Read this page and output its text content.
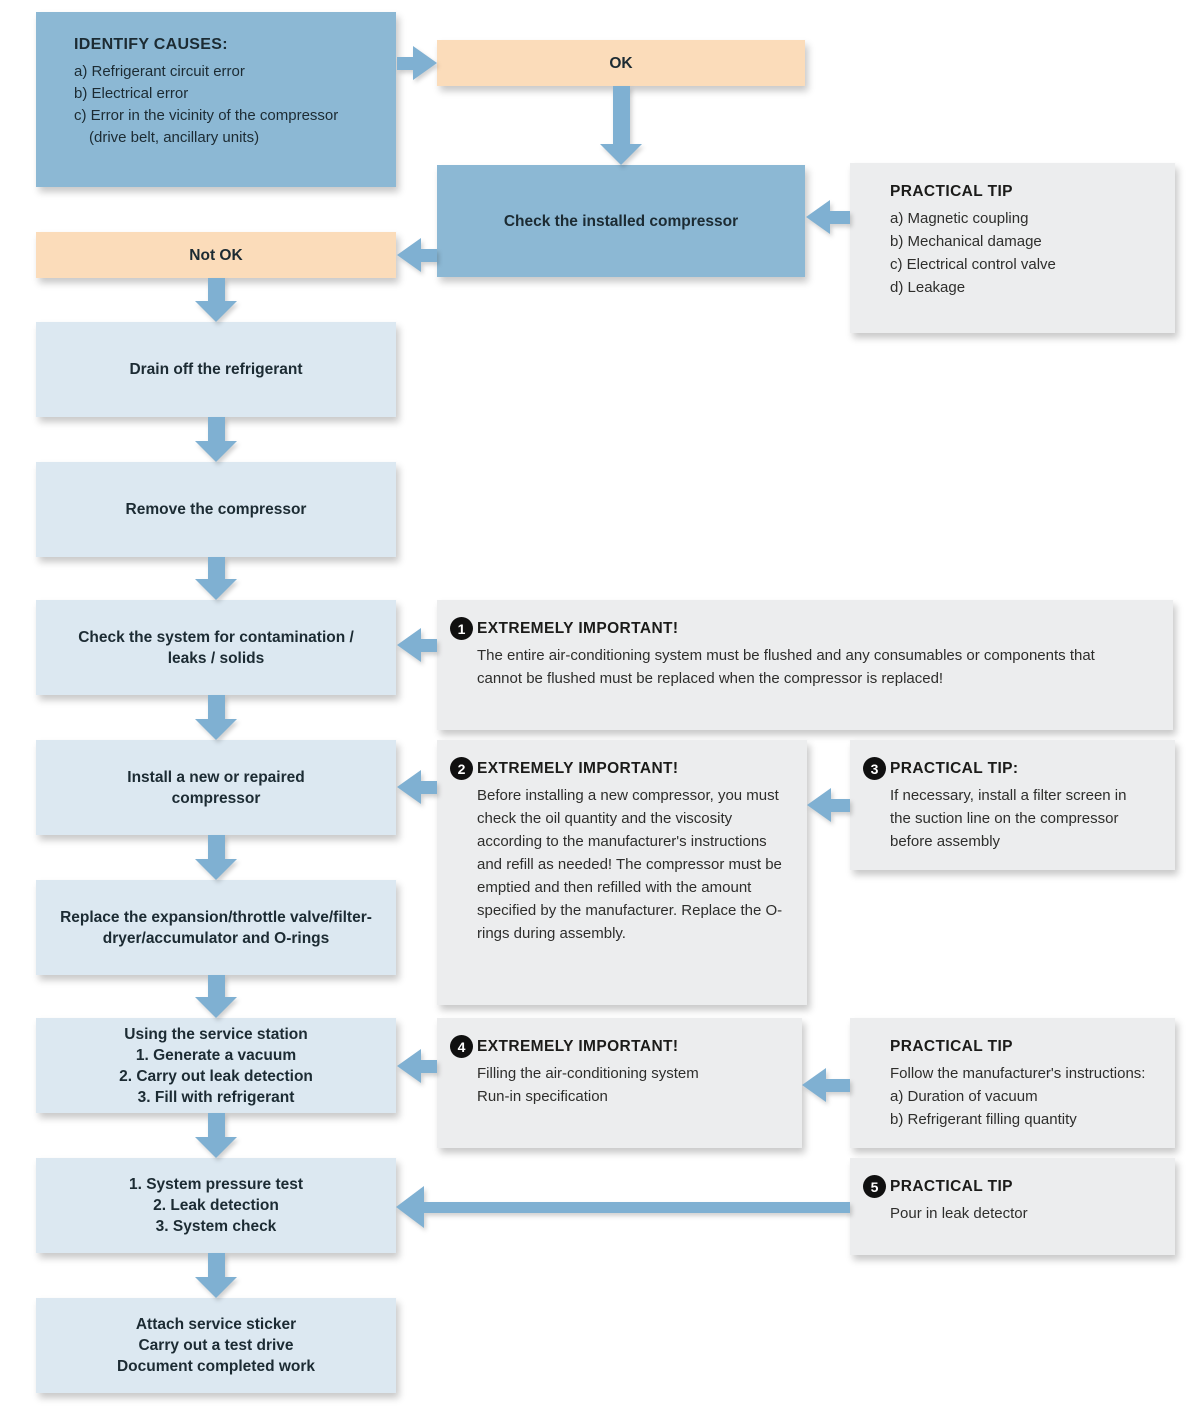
IDENTIFY CAUSES:
a) Refrigerant circuit error
b) Electrical error
c) Error in the vicinity of the compressor
(drive belt, ancillary units)
OK
Check the installed compressor
PRACTICAL TIP
a) Magnetic coupling
b) Mechanical damage
c) Electrical control valve
d) Leakage
Not OK
Drain off the refrigerant
Remove the compressor
Check the system for contamination /
leaks / solids
1 EXTREMELY IMPORTANT!
The entire air-conditioning system must be flushed and any consumables or components that cannot be flushed must be replaced when the compressor is replaced!
Install a new or repaired
compressor
2 EXTREMELY IMPORTANT!
Before installing a new compressor, you must check the oil quantity and the viscosity according to the manufacturer's instructions and refill as needed! The compressor must be emptied and then refilled with the amount specified by the manufacturer. Replace the O-rings during assembly.
3 PRACTICAL TIP:
If necessary, install a filter screen in the suction line on the compressor before assembly
Replace the expansion/throttle valve/filter-
dryer/accumulator and O-rings
Using the service station
1. Generate a vacuum
2. Carry out leak detection
3. Fill with refrigerant
4 EXTREMELY IMPORTANT!
Filling the air-conditioning system
Run-in specification
PRACTICAL TIP
Follow the manufacturer's instructions:
a) Duration of vacuum
b) Refrigerant filling quantity
1. System pressure test
2. Leak detection
3. System check
5 PRACTICAL TIP
Pour in leak detector
Attach service sticker
Carry out a test drive
Document completed work
